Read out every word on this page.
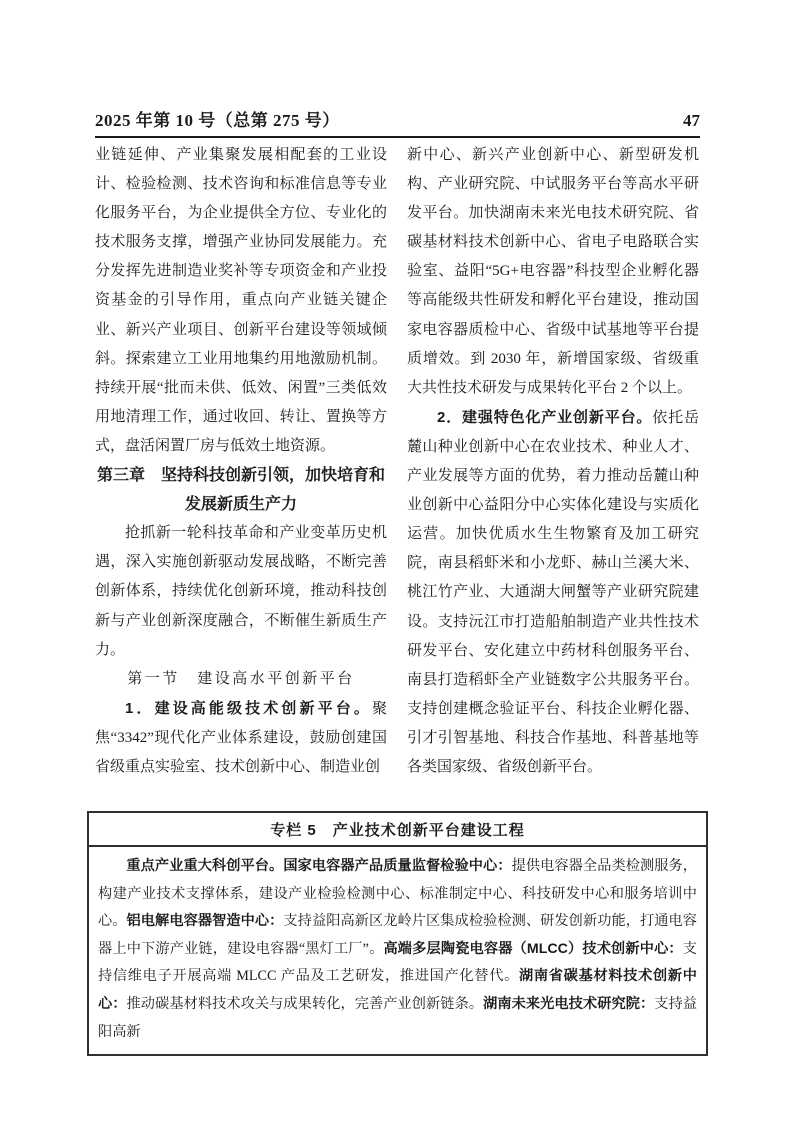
2025 年第 10 号（总第 275 号）	47

业链延伸、产业集聚发展相配套的工业设计、检验检测、技术咨询和标准信息等专业化服务平台，为企业提供全方位、专业化的技术服务支撑，增强产业协同发展能力。充分发挥先进制造业奖补等专项资金和产业投资基金的引导作用，重点向产业链关键企业、新兴产业项目、创新平台建设等领域倾斜。探索建立工业用地集约用地激励机制。持续开展“批而未供、低效、闲置”三类低效用地清理工作，通过收回、转让、置换等方式，盘活闲置厂房与低效土地资源。

第三章　坚持科技创新引领，加快培育和
发展新质生产力

抢抓新一轮科技革命和产业变革历史机遇，深入实施创新驱动发展战略，不断完善创新体系，持续优化创新环境，推动科技创新与产业创新深度融合，不断催生新质生产力。

第一节　建设高水平创新平台

1．建设高能级技术创新平台。聚焦“3342”现代化产业体系建设，鼓励创建国省级重点实验室、技术创新中心、制造业创

新中心、新兴产业创新中心、新型研发机构、产业研究院、中试服务平台等高水平研发平台。加快湖南未来光电技术研究院、省碳基材料技术创新中心、省电子电路联合实验室、益阳“5G+电容器”科技型企业孵化器等高能级共性研发和孵化平台建设，推动国家电容器质检中心、省级中试基地等平台提质增效。到 2030 年，新增国家级、省级重大共性技术研发与成果转化平台 2 个以上。

2．建强特色化产业创新平台。依托岳麓山种业创新中心在农业技术、种业人才、产业发展等方面的优势，着力推动岳麓山种业创新中心益阳分中心实体化建设与实质化运营。加快优质水生生物繁育及加工研究院，南县稻虾米和小龙虾、赫山兰溪大米、桃江竹产业、大通湖大闸蟹等产业研究院建设。支持沅江市打造船舶制造产业共性技术研发平台、安化建立中药材科创服务平台、南县打造稻虾全产业链数字公共服务平台。支持创建概念验证平台、科技企业孵化器、引才引智基地、科技合作基地、科普基地等各类国家级、省级创新平台。

专栏 5　产业技术创新平台建设工程

重点产业重大科创平台。国家电容器产品质量监督检验中心：提供电容器全品类检测服务，构建产业技术支撑体系，建设产业检验检测中心、标准制定中心、科技研发中心和服务培训中心。铝电解电容器智造中心：支持益阳高新区龙岭片区集成检验检测、研发创新功能，打通电容器上中下游产业链，建设电容器“黑灯工厂”。高端多层陶瓷电容器（MLCC）技术创新中心：支持信维电子开展高端 MLCC 产品及工艺研发，推进国产化替代。湖南省碳基材料技术创新中心：推动碳基材料技术攻关与成果转化，完善产业创新链条。湖南未来光电技术研究院：支持益阳高新
